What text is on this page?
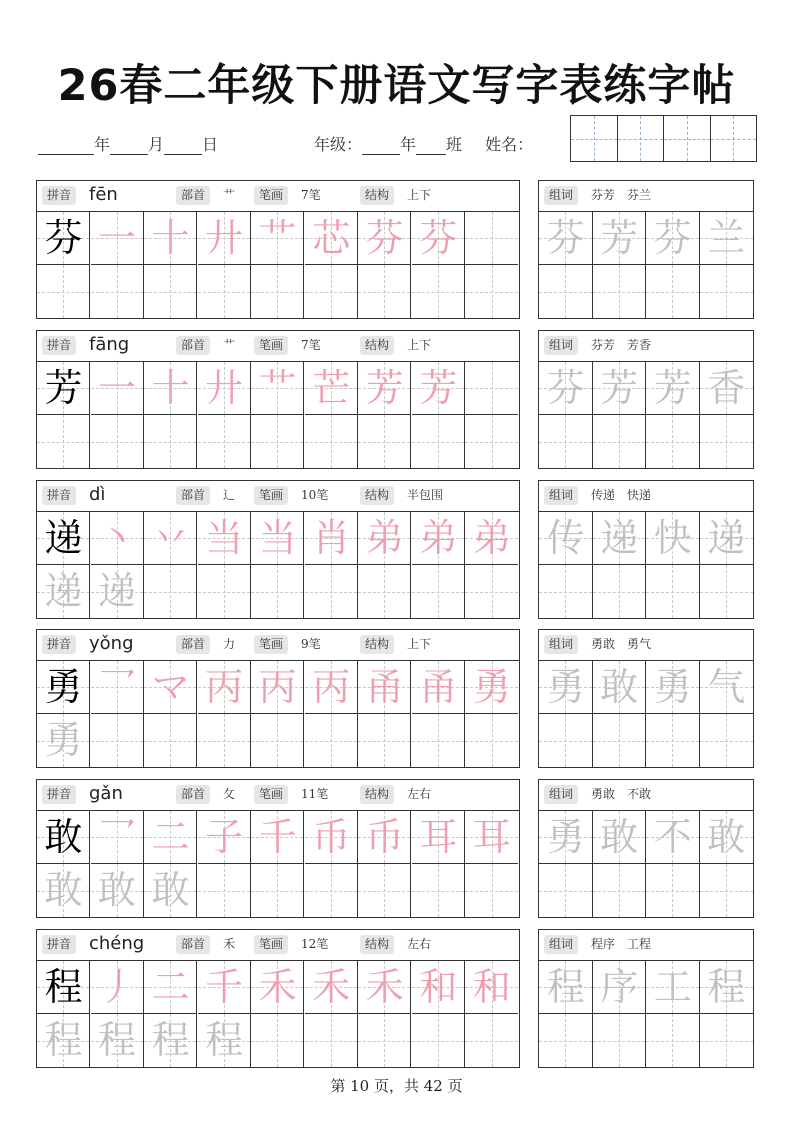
26春二年级下册语文写字表练字帖
年 月 日	年级： 年 班 姓名：
拼音 fēn	部首	艹	笔画	7笔	结构	上下
芬 一 十 廾 艹 芯 芬 芬
组词	芬芳　芬兰
芬 芳 芬 兰
拼音 fāng	部首	艹	笔画	7笔	结构	上下
芳 一 十 廾 艹 芒 芳 芳
组词	芬芳　芳香
芬 芳 芳 香
拼音 dì	部首	辶	笔画	10笔	结构	半包围
递 丶 丷 当 当 肖 弟 弟 弟
递 递
组词	传递　快递
传 递 快 递
拼音 yǒng	部首	力	笔画	9笔	结构	上下
勇 乛 マ 丙 丙 丙 甬 甬 勇
勇
组词	勇敢　勇气
勇 敢 勇 气
拼音 gǎn	部首	攵	笔画	11笔	结构	左右
敢 乛 二 子 千 币 币 耳 耳
敢 敢 敢
组词	勇敢　不敢
勇 敢 不 敢
拼音 chéng	部首	禾	笔画	12笔	结构	左右
程 丿 二 千 禾 禾 禾 和 和
程 程 程 程
组词	程序　工程
程 序 工 程
第 10 页，共 42 页
